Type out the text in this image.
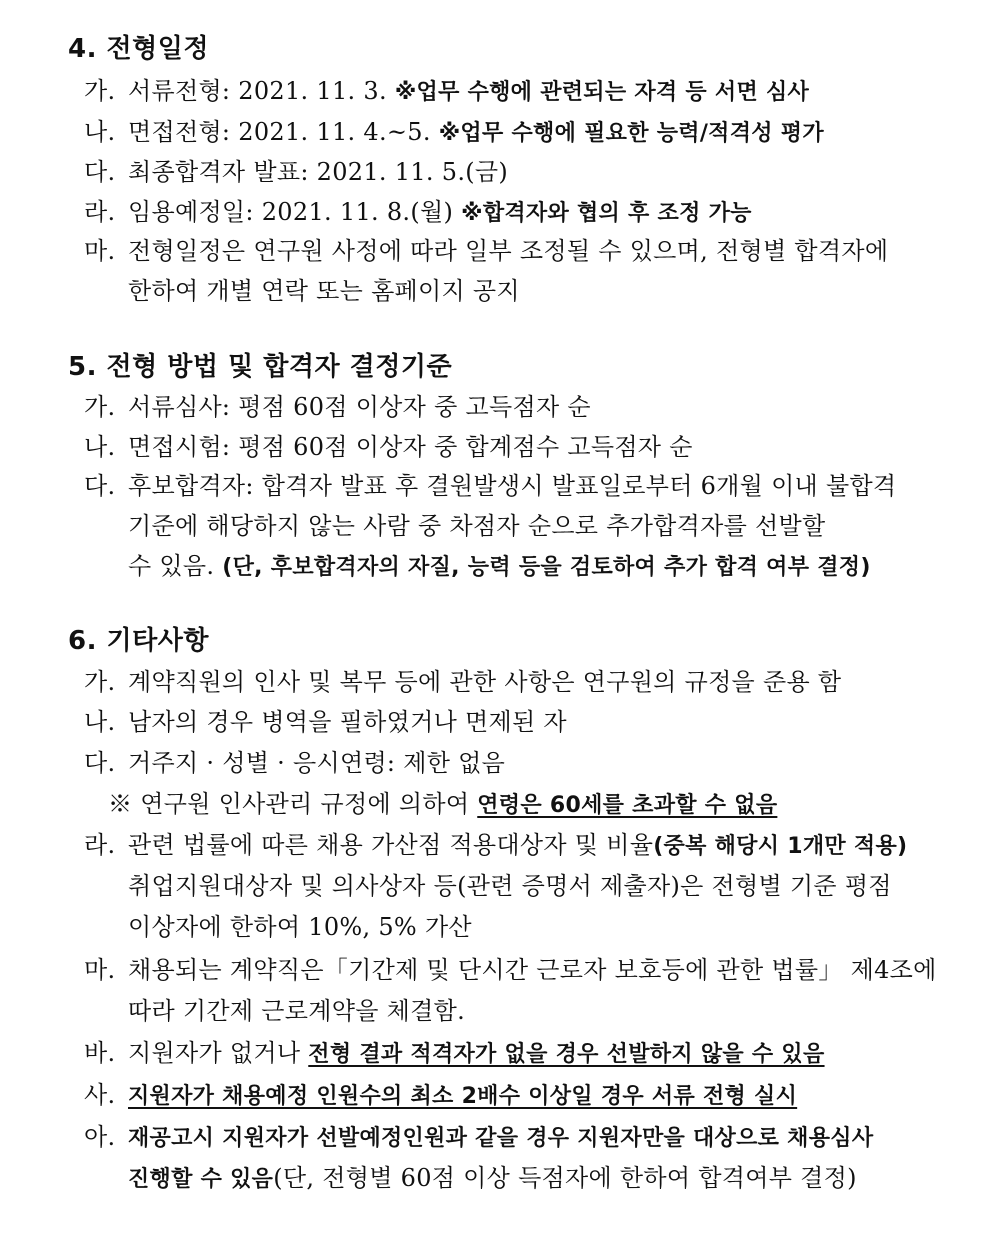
4. 전형일정
가. 서류전형: 2021. 11. 3. ※업무 수행에 관련되는 자격 등 서면 심사
나. 면접전형: 2021. 11. 4.~5. ※업무 수행에 필요한 능력/적격성 평가
다. 최종합격자 발표: 2021. 11. 5.(금)
라. 임용예정일: 2021. 11. 8.(월) ※합격자와 협의 후 조정 가능
마. 전형일정은 연구원 사정에 따라 일부 조정될 수 있으며, 전형별 합격자에
한하여 개별 연락 또는 홈페이지 공지
5. 전형 방법 및 합격자 결정기준
가. 서류심사: 평점 60점 이상자 중 고득점자 순
나. 면접시험: 평점 60점 이상자 중 합계점수 고득점자 순
다. 후보합격자: 합격자 발표 후 결원발생시 발표일로부터 6개월 이내 불합격
기준에 해당하지 않는 사람 중 차점자 순으로 추가합격자를 선발할
수 있음. (단, 후보합격자의 자질, 능력 등을 검토하여 추가 합격 여부 결정)
6. 기타사항
가. 계약직원의 인사 및 복무 등에 관한 사항은 연구원의 규정을 준용 함
나. 남자의 경우 병역을 필하였거나 면제된 자
다. 거주지 · 성별 · 응시연령: 제한 없음
※ 연구원 인사관리 규정에 의하여 연령은 60세를 초과할 수 없음
라. 관련 법률에 따른 채용 가산점 적용대상자 및 비율(중복 해당시 1개만 적용)
취업지원대상자 및 의사상자 등(관련 증명서 제출자)은 전형별 기준 평점
이상자에 한하여 10%, 5% 가산
마. 채용되는 계약직은「기간제 및 단시간 근로자 보호등에 관한 법률」 제4조에
따라 기간제 근로계약을 체결함.
바. 지원자가 없거나 전형 결과 적격자가 없을 경우 선발하지 않을 수 있음
사. 지원자가 채용예정 인원수의 최소 2배수 이상일 경우 서류 전형 실시
아. 재공고시 지원자가 선발예정인원과 같을 경우 지원자만을 대상으로 채용심사
진행할 수 있음(단, 전형별 60점 이상 득점자에 한하여 합격여부 결정)
